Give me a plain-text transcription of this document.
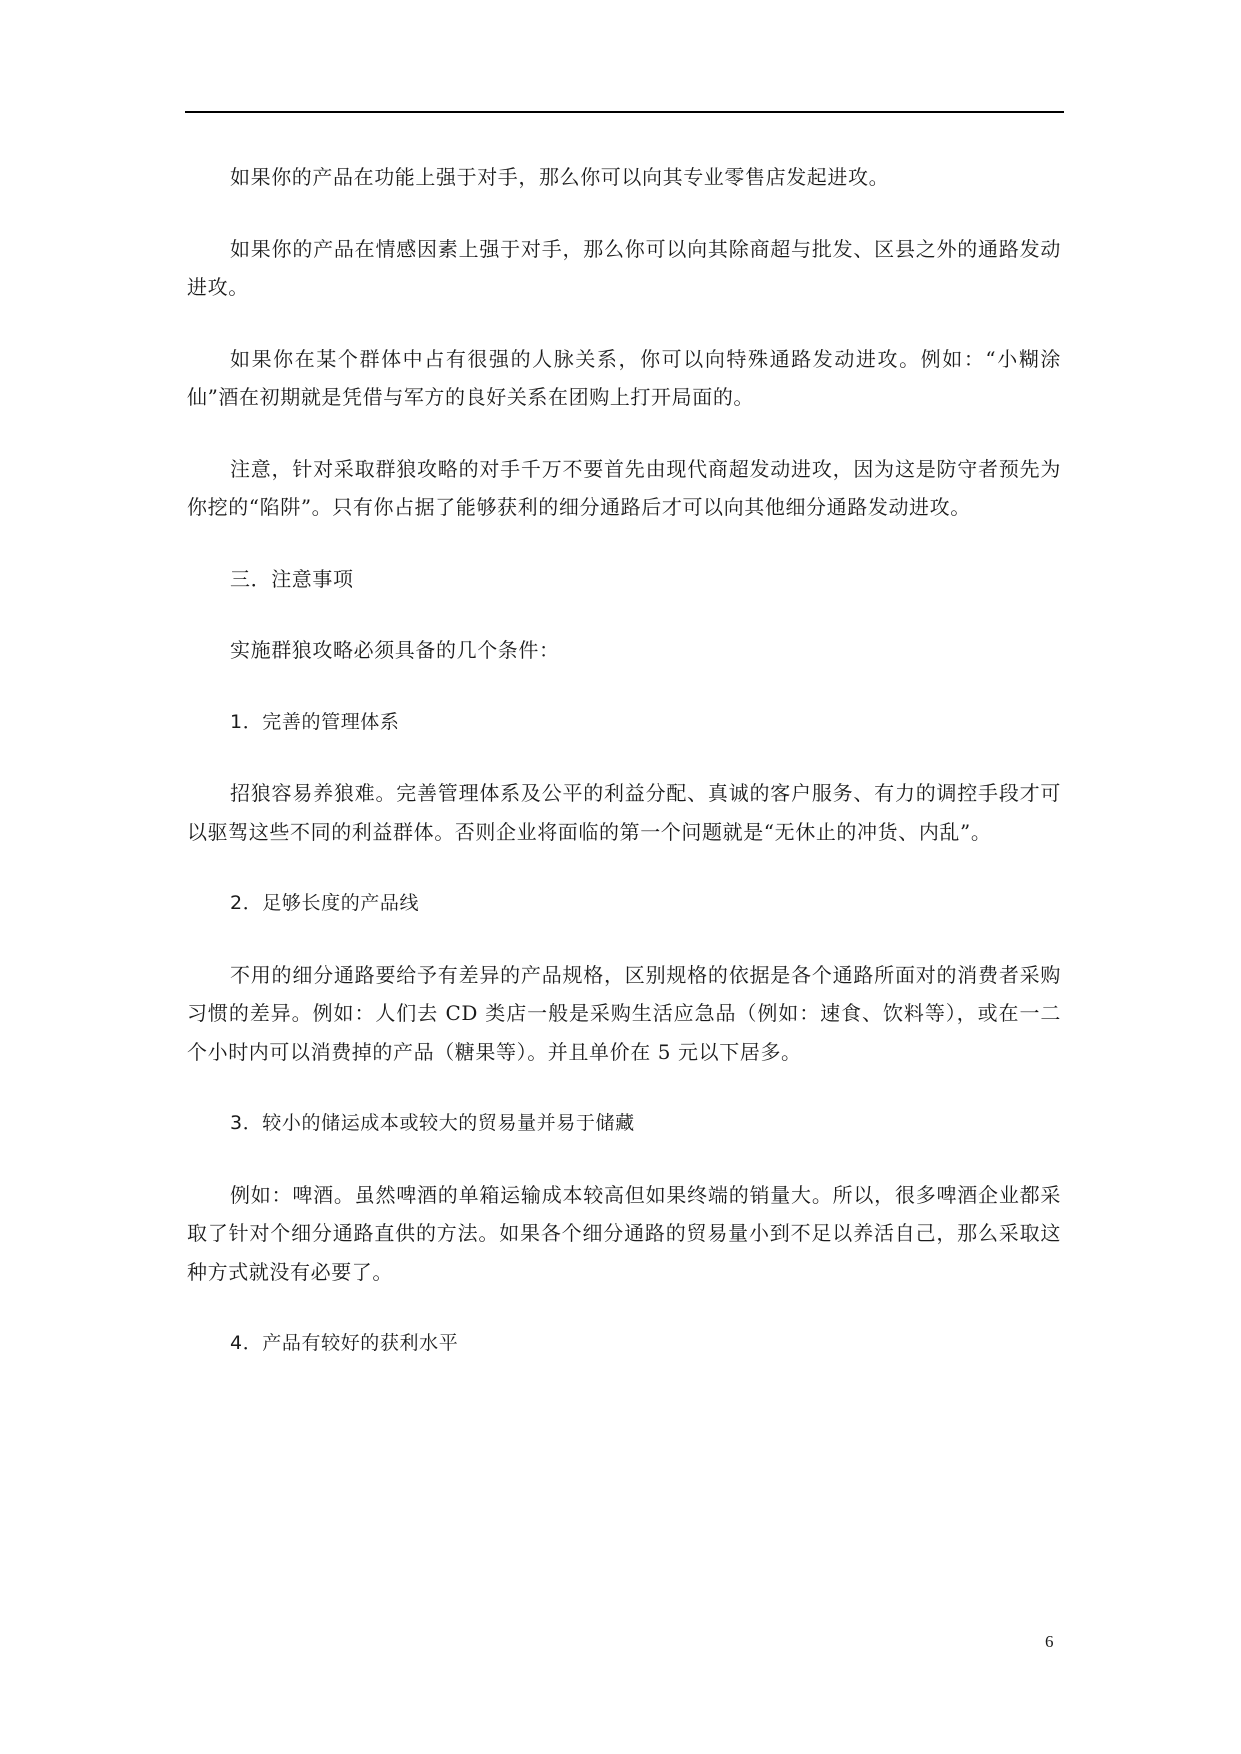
如果你的产品在功能上强于对手，那么你可以向其专业零售店发起进攻。

如果你的产品在情感因素上强于对手，那么你可以向其除商超与批发、区县之外的通路发动进攻。

如果你在某个群体中占有很强的人脉关系，你可以向特殊通路发动进攻。例如：“小糊涂仙”酒在初期就是凭借与军方的良好关系在团购上打开局面的。

注意，针对采取群狼攻略的对手千万不要首先由现代商超发动进攻，因为这是防守者预先为你挖的“陷阱”。只有你占据了能够获利的细分通路后才可以向其他细分通路发动进攻。

三．注意事项

实施群狼攻略必须具备的几个条件：

1．完善的管理体系

招狼容易养狼难。完善管理体系及公平的利益分配、真诚的客户服务、有力的调控手段才可以驱驾这些不同的利益群体。否则企业将面临的第一个问题就是“无休止的冲货、内乱”。

2．足够长度的产品线

不用的细分通路要给予有差异的产品规格，区别规格的依据是各个通路所面对的消费者采购习惯的差异。例如：人们去 CD 类店一般是采购生活应急品（例如：速食、饮料等），或在一二个小时内可以消费掉的产品（糖果等）。并且单价在 5 元以下居多。

3．较小的储运成本或较大的贸易量并易于储藏

例如：啤酒。虽然啤酒的单箱运输成本较高但如果终端的销量大。所以，很多啤酒企业都采取了针对个细分通路直供的方法。如果各个细分通路的贸易量小到不足以养活自己，那么采取这种方式就没有必要了。

4．产品有较好的获利水平

6
